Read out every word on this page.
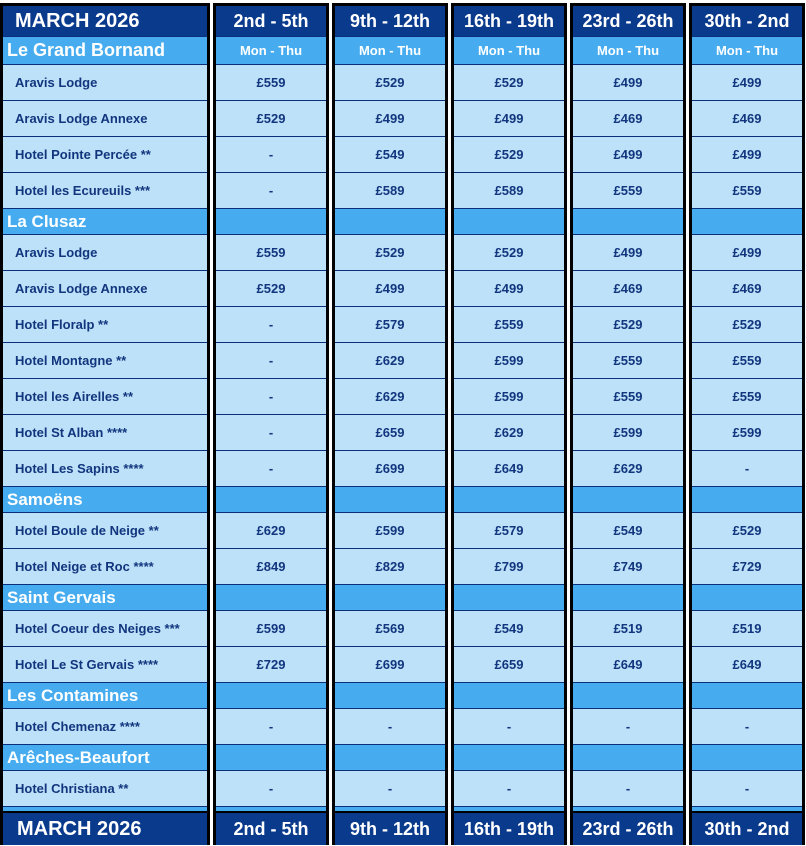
MARCH 2026
Le Grand Bornand
Aravis Lodge
Aravis Lodge Annexe
Hotel Pointe Percée **
Hotel les Ecureuils ***
La Clusaz
Aravis Lodge
Aravis Lodge Annexe
Hotel Floralp **
Hotel Montagne **
Hotel les Airelles **
Hotel St Alban ****
Hotel Les Sapins ****
Samoëns
Hotel Boule de Neige **
Hotel Neige et Roc ****
Saint Gervais
Hotel Coeur des Neiges ***
Hotel Le St Gervais ****
Les Contamines
Hotel Chemenaz ****
Arêches-Beaufort
Hotel Christiana **
MARCH 2026
2nd - 5th
Mon - Thu
£559
£529
-
-
£559
£529
-
-
-
-
-
£629
£849
£599
£729
-
-
2nd - 5th
9th - 12th
Mon - Thu
£529
£499
£549
£589
£529
£499
£579
£629
£629
£659
£699
£599
£829
£569
£699
-
-
9th - 12th
16th - 19th
Mon - Thu
£529
£499
£529
£589
£529
£499
£559
£599
£599
£629
£649
£579
£799
£549
£659
-
-
16th - 19th
23rd - 26th
Mon - Thu
£499
£469
£499
£559
£499
£469
£529
£559
£559
£599
£629
£549
£749
£519
£649
-
-
23rd - 26th
30th - 2nd
Mon - Thu
£499
£469
£499
£559
£499
£469
£529
£559
£559
£599
-
£529
£729
£519
£649
-
-
30th - 2nd
